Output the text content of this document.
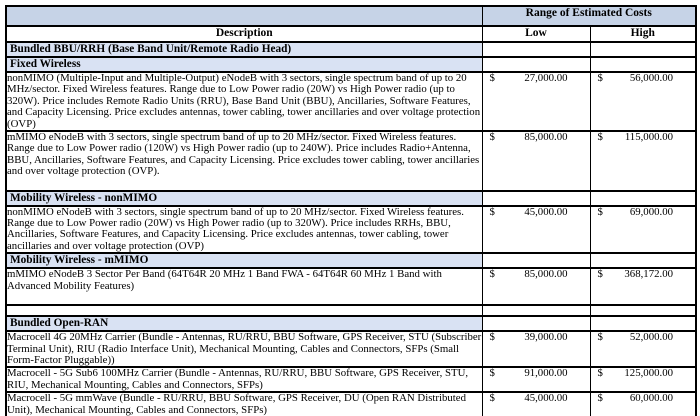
	Range of Estimated Costs	
Description	Low	High
Bundled BBU/RRH (Base Band Unit/Remote Radio Head)		
Fixed Wireless		
nonMIMO (Multiple-Input and Multiple-Output) eNodeB with 3 sectors, single spectrum band of up to 20 MHz/sector. Fixed Wireless features. Range due to Low Power radio (20W) vs High Power radio (up to 320W). Price includes Remote Radio Units (RRU), Base Band Unit (BBU), Ancillaries, Software Features, and Capacity Licensing. Price excludes antennas, tower cabling, tower ancillaries and over voltage protection (OVP)	$ 27,000.00	$ 56,000.00

mMIMO eNodeB with 3 sectors, single spectrum band of up to 20 MHz/sector. Fixed Wireless features. Range due to Low Power radio (120W) vs High Power radio (up to 240W). Price includes Radio+Antenna, BBU, Ancillaries, Software Features, and Capacity Licensing. Price excludes tower cabling, tower ancillaries and over voltage protection (OVP).	$ 85,000.00	$ 115,000.00

Mobility Wireless - nonMIMO		
nonMIMO eNodeB with 3 sectors, single spectrum band of up to 20 MHz/sector. Fixed Wireless features. Range due to Low Power radio (20W) vs High Power radio (up to 320W). Price includes RRHs, BBU, Ancillaries, Software Features, and Capacity Licensing. Price excludes antennas, tower cabling, tower ancillaries and over voltage protection (OVP)	$ 45,000.00	$ 69,000.00

Mobility Wireless - mMIMO		
mMIMO eNodeB 3 Sector Per Band (64T64R 20 MHz 1 Band FWA - 64T64R 60 MHz 1 Band with Advanced Mobility Features)	$ 85,000.00	$ 368,172.00

Bundled Open-RAN		
Macrocell 4G 20MHz Carrier (Bundle - Antennas, RU/RRU, BBU Software, GPS Receiver, STU (Subscriber Terminal Unit), RIU (Radio Interface Unit), Mechanical Mounting, Cables and Connectors, SFPs (Small Form-Factor Pluggable))	$ 39,000.00	$ 52,000.00

Macrocell - 5G Sub6 100MHz Carrier (Bundle - Antennas, RU/RRU, BBU Software, GPS Receiver, STU, RIU, Mechanical Mounting, Cables and Connectors, SFPs)	$ 91,000.00	$ 125,000.00

Macrocell - 5G mmWave (Bundle - RU/RRU, BBU Software, GPS Receiver, DU (Open RAN Distributed Unit), Mechanical Mounting, Cables and Connectors, SFPs)	$ 45,000.00	$ 60,000.00
